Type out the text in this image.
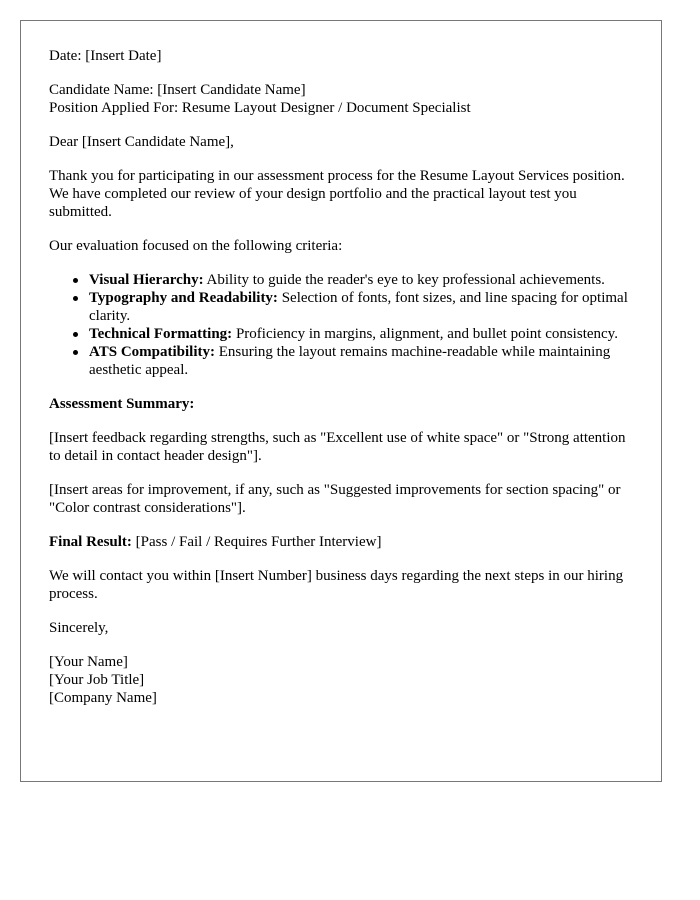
Date: [Insert Date]

Candidate Name: [Insert Candidate Name]
Position Applied For: Resume Layout Designer / Document Specialist

Dear [Insert Candidate Name],

Thank you for participating in our assessment process for the Resume Layout Services position. We have completed our review of your design portfolio and the practical layout test you submitted.

Our evaluation focused on the following criteria:

Visual Hierarchy: Ability to guide the reader's eye to key professional achievements.
Typography and Readability: Selection of fonts, font sizes, and line spacing for optimal clarity.
Technical Formatting: Proficiency in margins, alignment, and bullet point consistency.
ATS Compatibility: Ensuring the layout remains machine-readable while maintaining aesthetic appeal.

Assessment Summary:

[Insert feedback regarding strengths, such as "Excellent use of white space" or "Strong attention to detail in contact header design"].

[Insert areas for improvement, if any, such as "Suggested improvements for section spacing" or "Color contrast considerations"].

Final Result: [Pass / Fail / Requires Further Interview]

We will contact you within [Insert Number] business days regarding the next steps in our hiring process.

Sincerely,

[Your Name]
[Your Job Title]
[Company Name]
